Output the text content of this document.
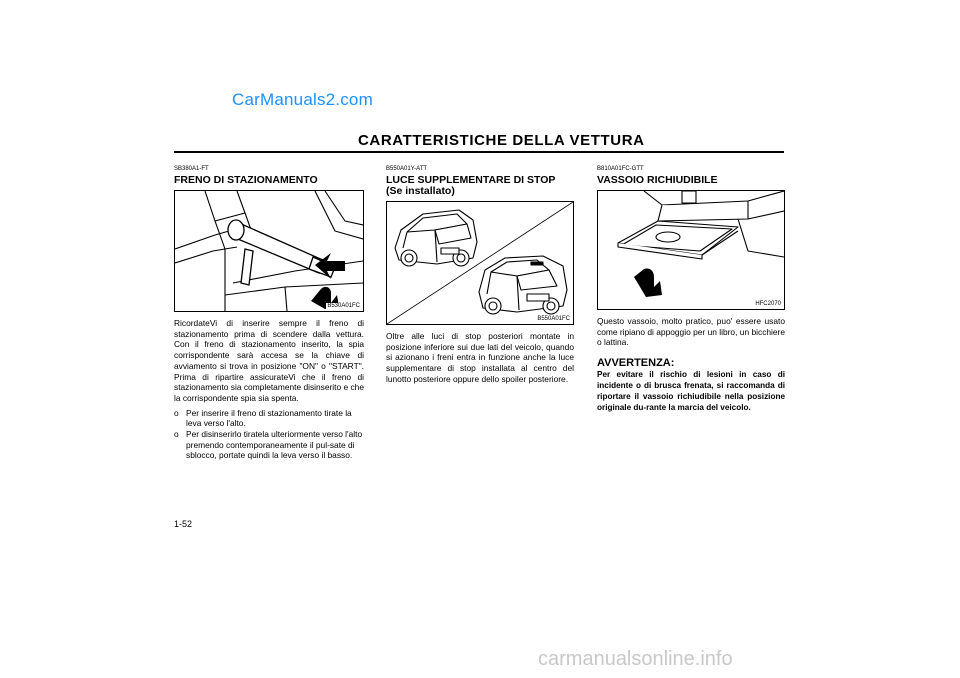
CarManuals2.com
CARATTERISTICHE DELLA VETTURA

SB380A1-FT

FRENO DI STAZIONAMENTO

B530A01FC

RicordateVi di inserire sempre il freno di stazionamento prima di scendere dalla vettura. Con il freno di stazionamento inserito, la spia corrispondente sarà accesa se la chiave di avviamento si trova in posizione "ON" o "START". Prima di ripartire assicurateVi che il freno di stazionamento sia completamente disinserito e che la corrispondente spia sia spenta.

o Per inserire il freno di stazionamento tirate la leva verso l'alto.
o Per disinserirlo tiratela ulteriormente verso l'alto premendo contemporaneamente il pul-sate di sblocco, portate quindi la leva verso il basso.

B550A01Y-ATT

LUCE SUPPLEMENTARE DI STOP

(Se installato)

B550A01FC

Oltre alle luci di stop posteriori montate in posizione inferiore sui due lati del veicolo, quando si azionano i freni entra in funzione anche la luce supplementare di stop installata al centro del lunotto posteriore oppure dello spoiler posteriore.

B810A01FC-GTT

VASSOIO RICHIUDIBILE

HFC2070

Questo vassoio, molto pratico, puo' essere usato come ripiano di appoggio per un libro, un bicchiere o lattina.

AVVERTENZA:

Per evitare il rischio di lesioni in caso di incidente o di brusca frenata, si raccomanda di riportare il vassoio richiudibile nella posizione originale du-rante la marcia del veicolo.

1-52
carmanualsonline.info
